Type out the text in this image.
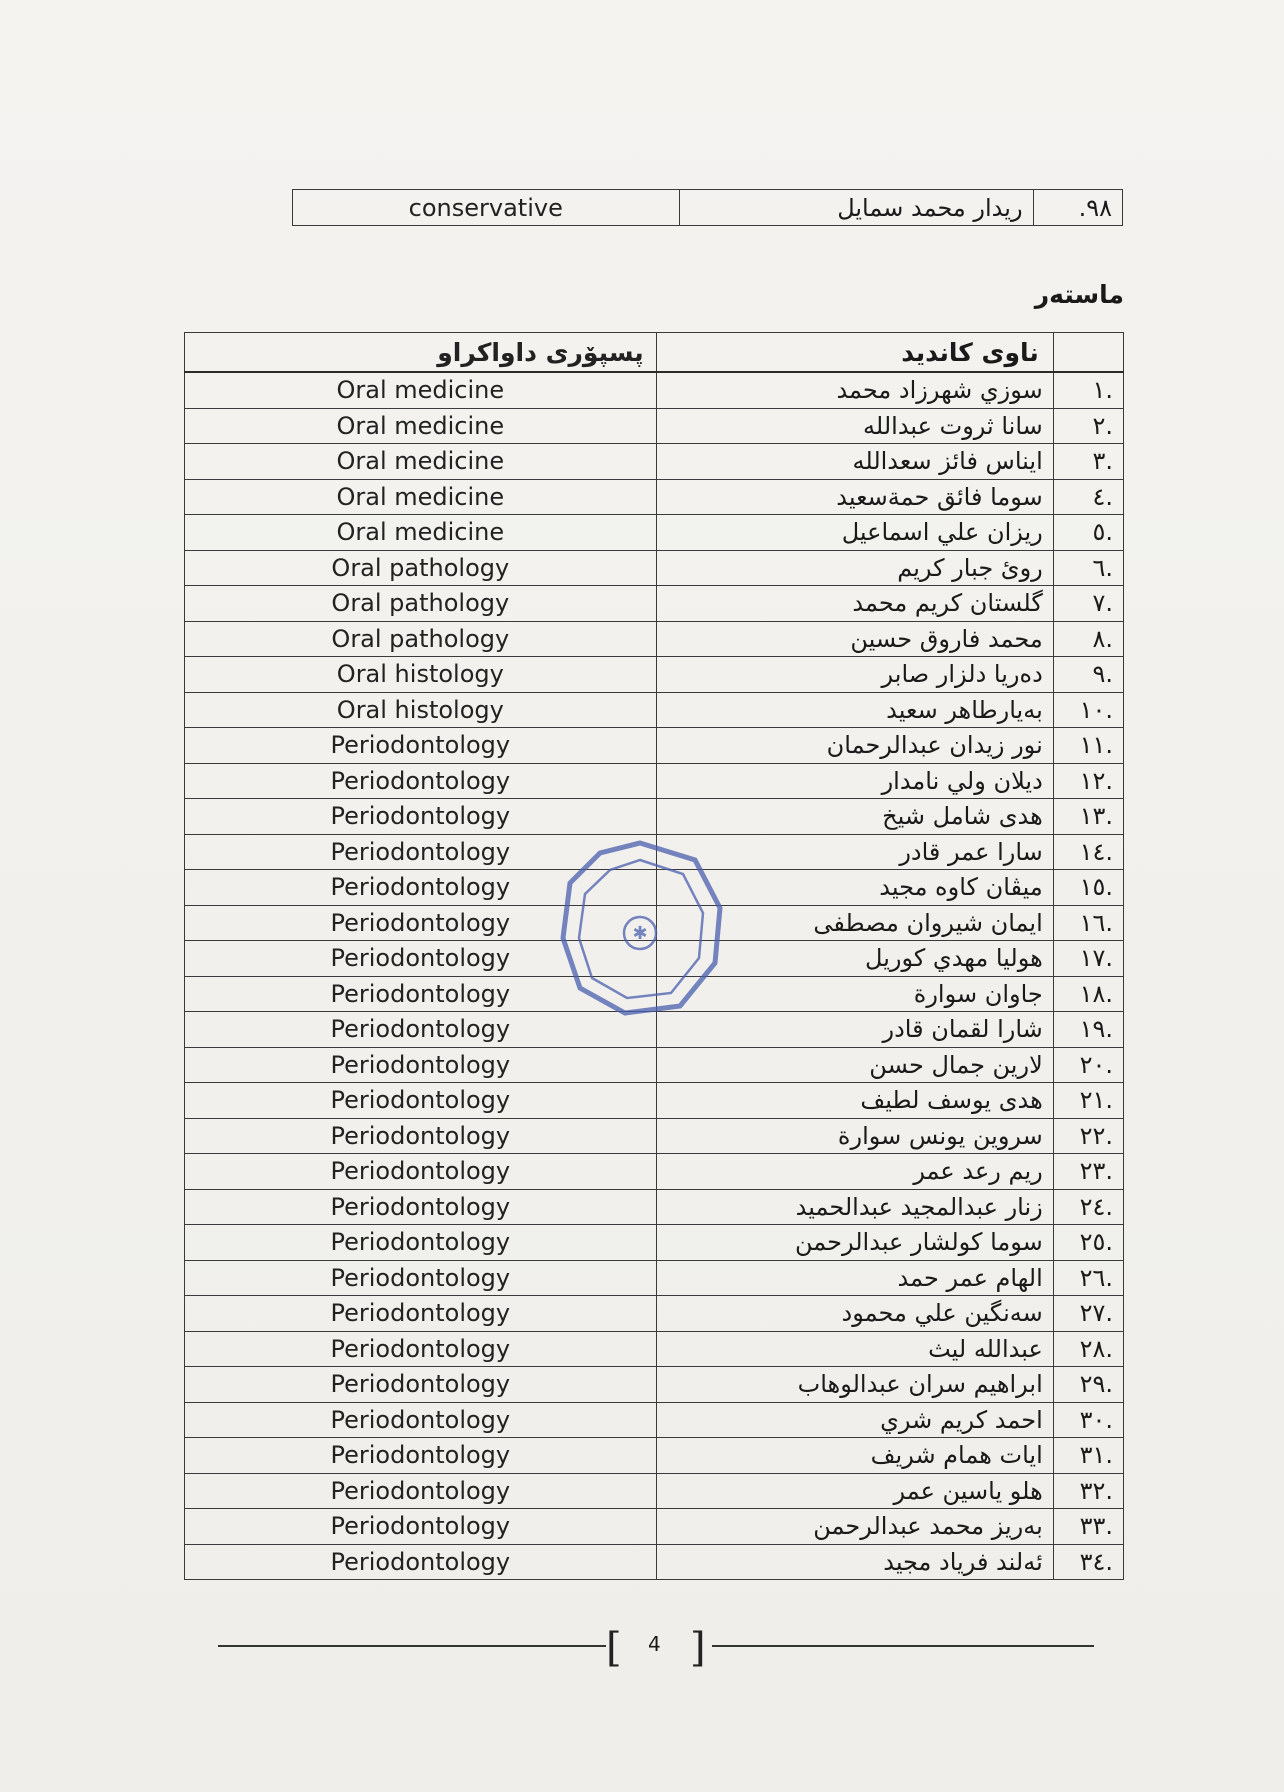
conservative	ريدار محمد سمايل	٩٨.
ماستەر
پسپۆری داواكراو	ناوی كانديد	
Oral medicine	سوزي شهرزاد محمد	.١
Oral medicine	سانا ثروت عبدالله	.٢
Oral medicine	ايناس فائز سعدالله	.٣
Oral medicine	سوما فائق حمةسعيد	.٤
Oral medicine	ريزان علي اسماعيل	.٥
Oral pathology	روئ جبار كريم	.٦
Oral pathology	گلستان كريم محمد	.٧
Oral pathology	محمد فاروق حسين	.٨
Oral histology	دەريا دلزار صابر	.٩
Oral histology	بەيارطاهر سعيد	.١٠
Periodontology	نور زيدان عبدالرحمان	.١١
Periodontology	ديلان ولي نامدار	.١٢
Periodontology	هدى شامل شيخ	.١٣
Periodontology	سارا عمر قادر	.١٤
Periodontology	ميڤان كاوه مجيد	.١٥
Periodontology	ايمان شيروان مصطفى	.١٦
Periodontology	هوليا مهدي كوريل	.١٧
Periodontology	جاوان سوارة	.١٨
Periodontology	شارا لقمان قادر	.١٩
Periodontology	لارين جمال حسن	.٢٠
Periodontology	هدى يوسف لطيف	.٢١
Periodontology	سروين يونس سوارة	.٢٢
Periodontology	ريم رعد عمر	.٢٣
Periodontology	زنار عبدالمجيد عبدالحميد	.٢٤
Periodontology	سوما كولشار عبدالرحمن	.٢٥
Periodontology	الهام عمر حمد	.٢٦
Periodontology	سەنگين علي محمود	.٢٧
Periodontology	عبدالله ليث	.٢٨
Periodontology	ابراهيم سران عبدالوهاب	.٢٩
Periodontology	احمد كريم شري	.٣٠
Periodontology	ايات همام شريف	.٣١
Periodontology	هلو ياسين عمر	.٣٢
Periodontology	بەريز محمد عبدالرحمن	.٣٣
Periodontology	ئەلند فرياد مجيد	.٣٤
✱
[ 4 ]
